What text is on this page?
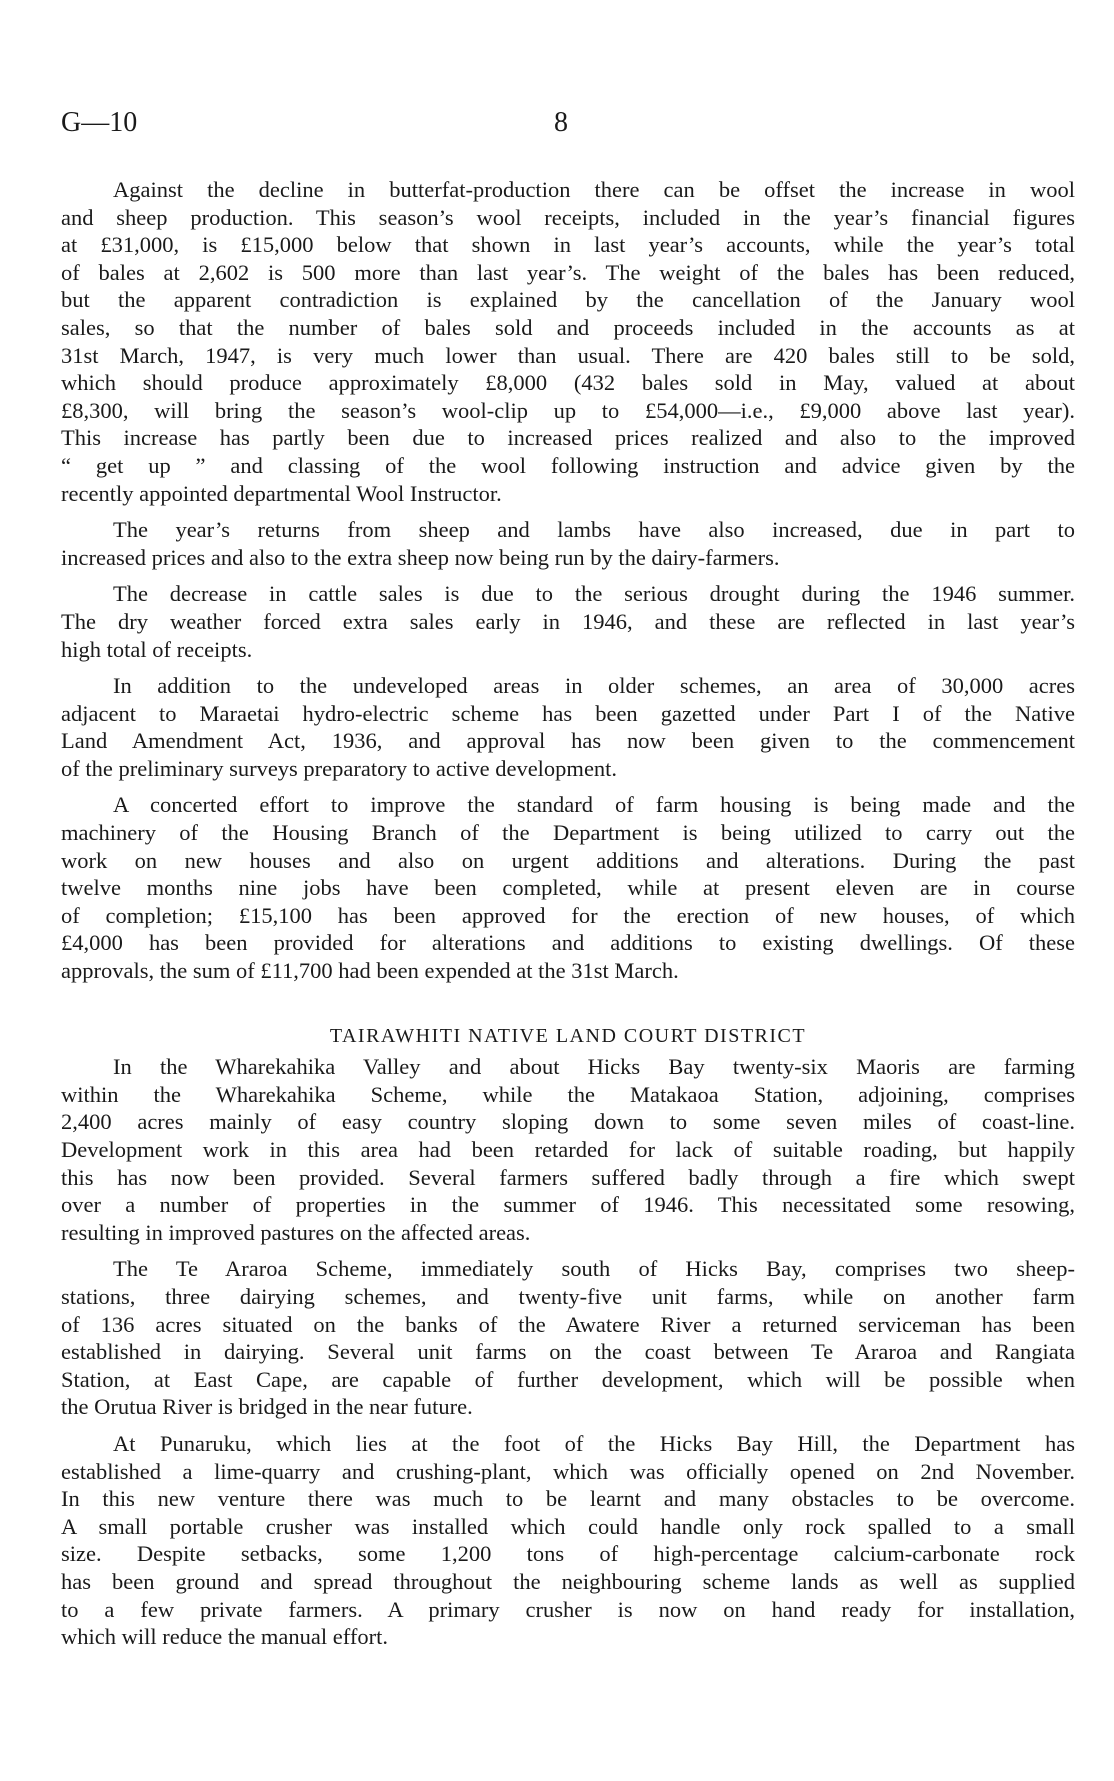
G—10	8
Against the decline in butterfat-production there can be offset the increase in wool
and sheep production. This season’s wool receipts, included in the year’s financial figures
at £31,000, is £15,000 below that shown in last year’s accounts, while the year’s total
of bales at 2,602 is 500 more than last year’s. The weight of the bales has been reduced,
but the apparent contradiction is explained by the cancellation of the January wool
sales, so that the number of bales sold and proceeds included in the accounts as at
31st March, 1947, is very much lower than usual. There are 420 bales still to be sold,
which should produce approximately £8,000 (432 bales sold in May, valued at about
£8,300, will bring the season’s wool-clip up to £54,000—i.e., £9,000 above last year).
This increase has partly been due to increased prices realized and also to the improved
“ get up ” and classing of the wool following instruction and advice given by the
recently appointed departmental Wool Instructor.
The year’s returns from sheep and lambs have also increased, due in part to
increased prices and also to the extra sheep now being run by the dairy-farmers.
The decrease in cattle sales is due to the serious drought during the 1946 summer.
The dry weather forced extra sales early in 1946, and these are reflected in last year’s
high total of receipts.
In addition to the undeveloped areas in older schemes, an area of 30,000 acres
adjacent to Maraetai hydro-electric scheme has been gazetted under Part I of the Native
Land Amendment Act, 1936, and approval has now been given to the commencement
of the preliminary surveys preparatory to active development.
A concerted effort to improve the standard of farm housing is being made and the
machinery of the Housing Branch of the Department is being utilized to carry out the
work on new houses and also on urgent additions and alterations. During the past
twelve months nine jobs have been completed, while at present eleven are in course
of completion; £15,100 has been approved for the erection of new houses, of which
£4,000 has been provided for alterations and additions to existing dwellings. Of these
approvals, the sum of £11,700 had been expended at the 31st March.
TAIRAWHITI NATIVE LAND COURT DISTRICT
In the Wharekahika Valley and about Hicks Bay twenty-six Maoris are farming
within the Wharekahika Scheme, while the Matakaoa Station, adjoining, comprises
2,400 acres mainly of easy country sloping down to some seven miles of coast-line.
Development work in this area had been retarded for lack of suitable roading, but happily
this has now been provided. Several farmers suffered badly through a fire which swept
over a number of properties in the summer of 1946. This necessitated some resowing,
resulting in improved pastures on the affected areas.
The Te Araroa Scheme, immediately south of Hicks Bay, comprises two sheep-
stations, three dairying schemes, and twenty-five unit farms, while on another farm
of 136 acres situated on the banks of the Awatere River a returned serviceman has been
established in dairying. Several unit farms on the coast between Te Araroa and Rangiata
Station, at East Cape, are capable of further development, which will be possible when
the Orutua River is bridged in the near future.
At Punaruku, which lies at the foot of the Hicks Bay Hill, the Department has
established a lime-quarry and crushing-plant, which was officially opened on 2nd November.
In this new venture there was much to be learnt and many obstacles to be overcome.
A small portable crusher was installed which could handle only rock spalled to a small
size. Despite setbacks, some 1,200 tons of high-percentage calcium-carbonate rock
has been ground and spread throughout the neighbouring scheme lands as well as supplied
to a few private farmers. A primary crusher is now on hand ready for installation,
which will reduce the manual effort.
